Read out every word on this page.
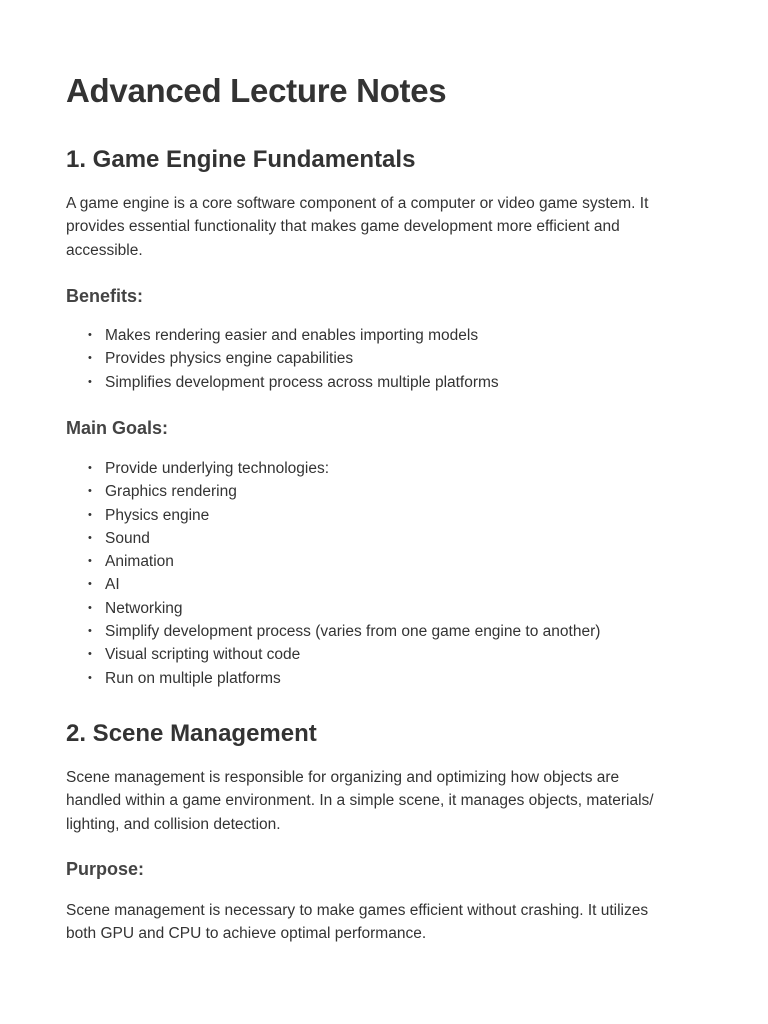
Advanced Lecture Notes
1. Game Engine Fundamentals

A game engine is a core software component of a computer or video game system. It
provides essential functionality that makes game development more efficient and
accessible.

Benefits:
• Makes rendering easier and enables importing models
• Provides physics engine capabilities
• Simplifies development process across multiple platforms
Main Goals:
• Provide underlying technologies:
• Graphics rendering
• Physics engine
• Sound
• Animation
• AI
• Networking
• Simplify development process (varies from one game engine to another)
• Visual scripting without code
• Run on multiple platforms
2. Scene Management

Scene management is responsible for organizing and optimizing how objects are
handled within a game environment. In a simple scene, it manages objects, materials/
lighting, and collision detection.

Purpose:

Scene management is necessary to make games efficient without crashing. It utilizes
both GPU and CPU to achieve optimal performance.
